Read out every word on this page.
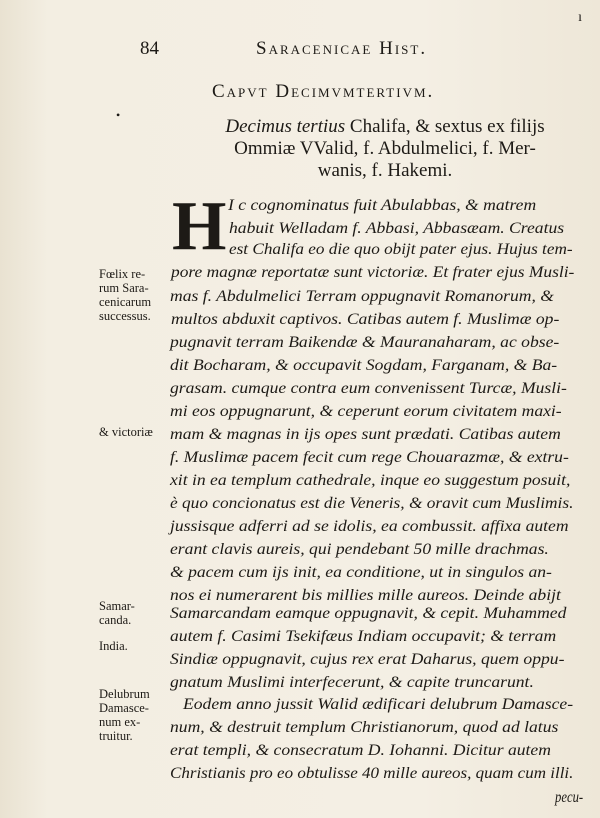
84	Saracenicae Hist.
ı
•
Capvt Decimvmtertivm.
Decimus tertius Chalifa, & sextus ex filijs
Ommiæ VValid, f. Abdulmelici, f. Mer-
wanis, f. Hakemi.
H I c cognominatus fuit Abulabbas, & matrem
habuit Welladam f. Abbasi, Abbasæam. Creatus
est Chalifa eo die quo obijt pater ejus. Hujus tem-
pore magnæ reportatæ sunt victoriæ. Et frater ejus Musli-
mas f. Abdulmelici Terram oppugnavit Romanorum, &
multos abduxit captivos. Catibas autem f. Muslimæ op-
pugnavit terram Baikendæ & Mauranaharam, ac obse-
dit Bocharam, & occupavit Sogdam, Farganam, & Ba-
grasam. cumque contra eum convenissent Turcæ, Musli-
mi eos oppugnarunt, & ceperunt eorum civitatem maxi-
mam & magnas in ijs opes sunt prædati. Catibas autem
f. Muslimæ pacem fecit cum rege Chouarazmæ, & extru-
xit in ea templum cathedrale, inque eo suggestum posuit,
è quo concionatus est die Veneris, & oravit cum Muslimis.
jussisque adferri ad se idolis, ea combussit. affixa autem
erant clavis aureis, qui pendebant 50 mille drachmas.
& pacem cum ijs init, ea conditione, ut in singulos an-
nos ei numerarent bis millies mille aureos. Deinde abijt
Samarcandam eamque oppugnavit, & cepit. Muhammed
autem f. Casimi Tsekifæus Indiam occupavit; & terram
Sindiæ oppugnavit, cujus rex erat Daharus, quem oppu-
gnatum Muslimi interfecerunt, & capite truncarunt.
Eodem anno jussit Walid ædificari delubrum Damasce-
num, & destruit templum Christianorum, quod ad latus
erat templi, & consecratum D. Iohanni. Dicitur autem
Christianis pro eo obtulisse 40 mille aureos, quam cum illi.
pecu-
Fœlix re-
rum Sara-
cenicarum
successus.
& victoriæ
Samar-
canda.
India.
Delubrum
Damasce-
num ex-
truitur.
